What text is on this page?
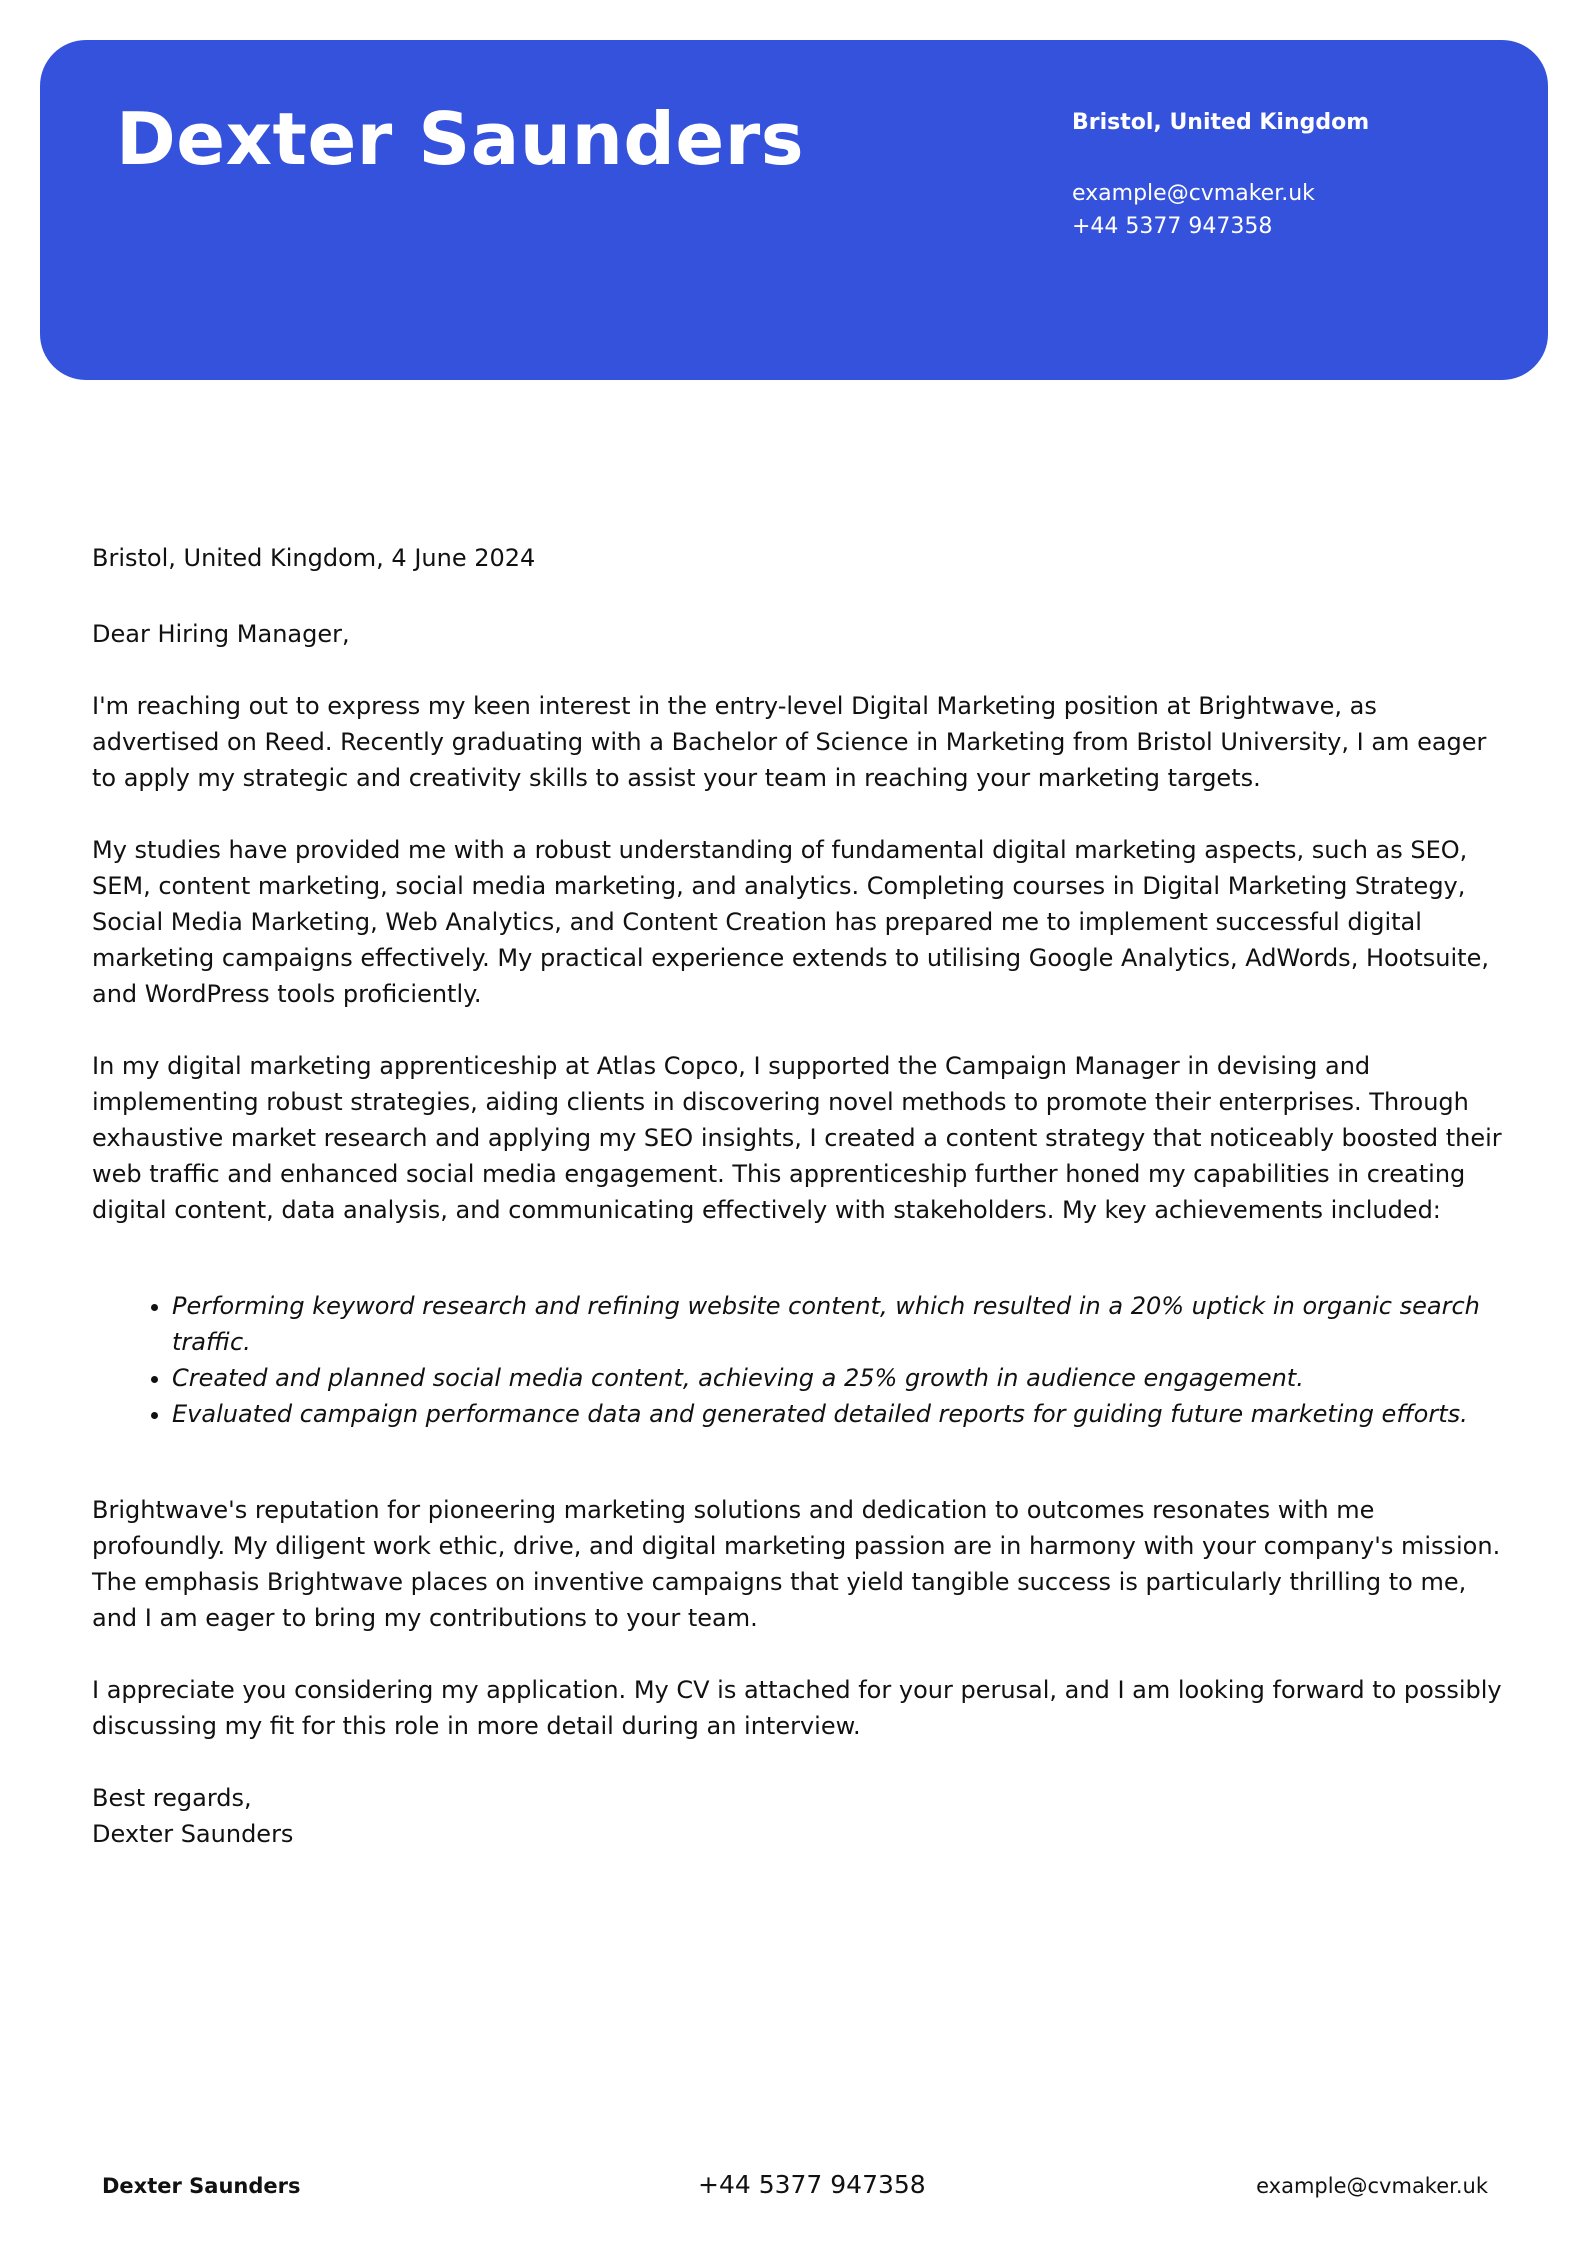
Dexter Saunders	Bristol, United Kingdom
example@cvmaker.uk
+44 5377 947358

Bristol, United Kingdom, 4 June 2024

Dear Hiring Manager,

I'm reaching out to express my keen interest in the entry-level Digital Marketing position at Brightwave, as advertised on Reed. Recently graduating with a Bachelor of Science in Marketing from Bristol University, I am eager to apply my strategic and creativity skills to assist your team in reaching your marketing targets.

My studies have provided me with a robust understanding of fundamental digital marketing aspects, such as SEO, SEM, content marketing, social media marketing, and analytics. Completing courses in Digital Marketing Strategy, Social Media Marketing, Web Analytics, and Content Creation has prepared me to implement successful digital marketing campaigns effectively. My practical experience extends to utilising Google Analytics, AdWords, Hootsuite, and WordPress tools proficiently.

In my digital marketing apprenticeship at Atlas Copco, I supported the Campaign Manager in devising and implementing robust strategies, aiding clients in discovering novel methods to promote their enterprises. Through exhaustive market research and applying my SEO insights, I created a content strategy that noticeably boosted their web traffic and enhanced social media engagement. This apprenticeship further honed my capabilities in creating digital content, data analysis, and communicating effectively with stakeholders. My key achievements included:

• Performing keyword research and refining website content, which resulted in a 20% uptick in organic search traffic.
• Created and planned social media content, achieving a 25% growth in audience engagement.
• Evaluated campaign performance data and generated detailed reports for guiding future marketing efforts.

Brightwave's reputation for pioneering marketing solutions and dedication to outcomes resonates with me profoundly. My diligent work ethic, drive, and digital marketing passion are in harmony with your company's mission. The emphasis Brightwave places on inventive campaigns that yield tangible success is particularly thrilling to me, and I am eager to bring my contributions to your team.

I appreciate you considering my application. My CV is attached for your perusal, and I am looking forward to possibly discussing my fit for this role in more detail during an interview.

Best regards,

Dexter Saunders

Dexter Saunders	+44 5377 947358	example@cvmaker.uk
